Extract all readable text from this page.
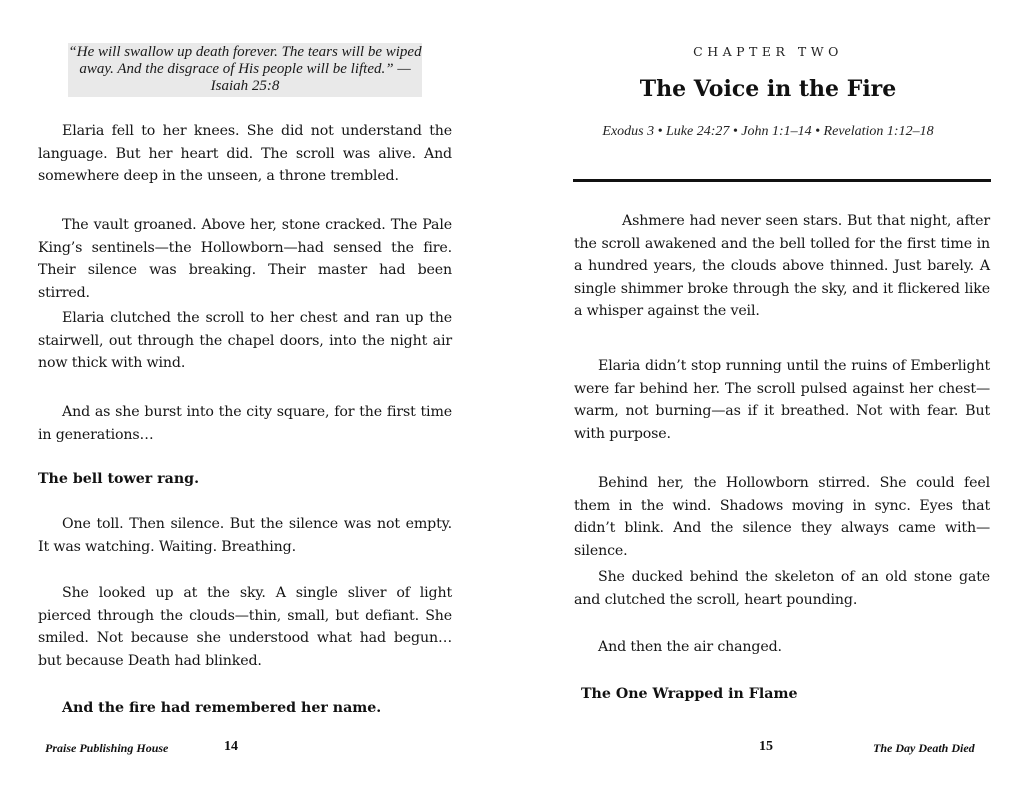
“He will swallow up death forever. The tears will be wiped away. And the disgrace of His people will be lifted.” — Isaiah 25:8

Elaria fell to her knees. She did not understand the language. But her heart did. The scroll was alive. And somewhere deep in the unseen, a throne trembled.

The vault groaned. Above her, stone cracked. The Pale King’s sentinels—the Hollowborn—had sensed the fire. Their silence was breaking. Their master had been stirred.

Elaria clutched the scroll to her chest and ran up the stairwell, out through the chapel doors, into the night air now thick with wind.

And as she burst into the city square, for the first time in generations…

The bell tower rang.

One toll. Then silence. But the silence was not empty. It was watching. Waiting. Breathing.

She looked up at the sky. A single sliver of light pierced through the clouds—thin, small, but defiant. She smiled. Not because she understood what had begun… but because Death had blinked.

And the fire had remembered her name.

Praise Publishing House	14
CHAPTER TWO
The Voice in the Fire
Exodus 3 • Luke 24:27 • John 1:1–14 • Revelation 1:12–18

Ashmere had never seen stars. But that night, after the scroll awakened and the bell tolled for the first time in a hundred years, the clouds above thinned. Just barely. A single shimmer broke through the sky, and it flickered like a whisper against the veil.

Elaria didn’t stop running until the ruins of Emberlight were far behind her. The scroll pulsed against her chest—warm, not burning—as if it breathed. Not with fear. But with purpose.

Behind her, the Hollowborn stirred. She could feel them in the wind. Shadows moving in sync. Eyes that didn’t blink. And the silence they always came with—silence.

She ducked behind the skeleton of an old stone gate and clutched the scroll, heart pounding.

And then the air changed.

The One Wrapped in Flame

15	The Day Death Died
